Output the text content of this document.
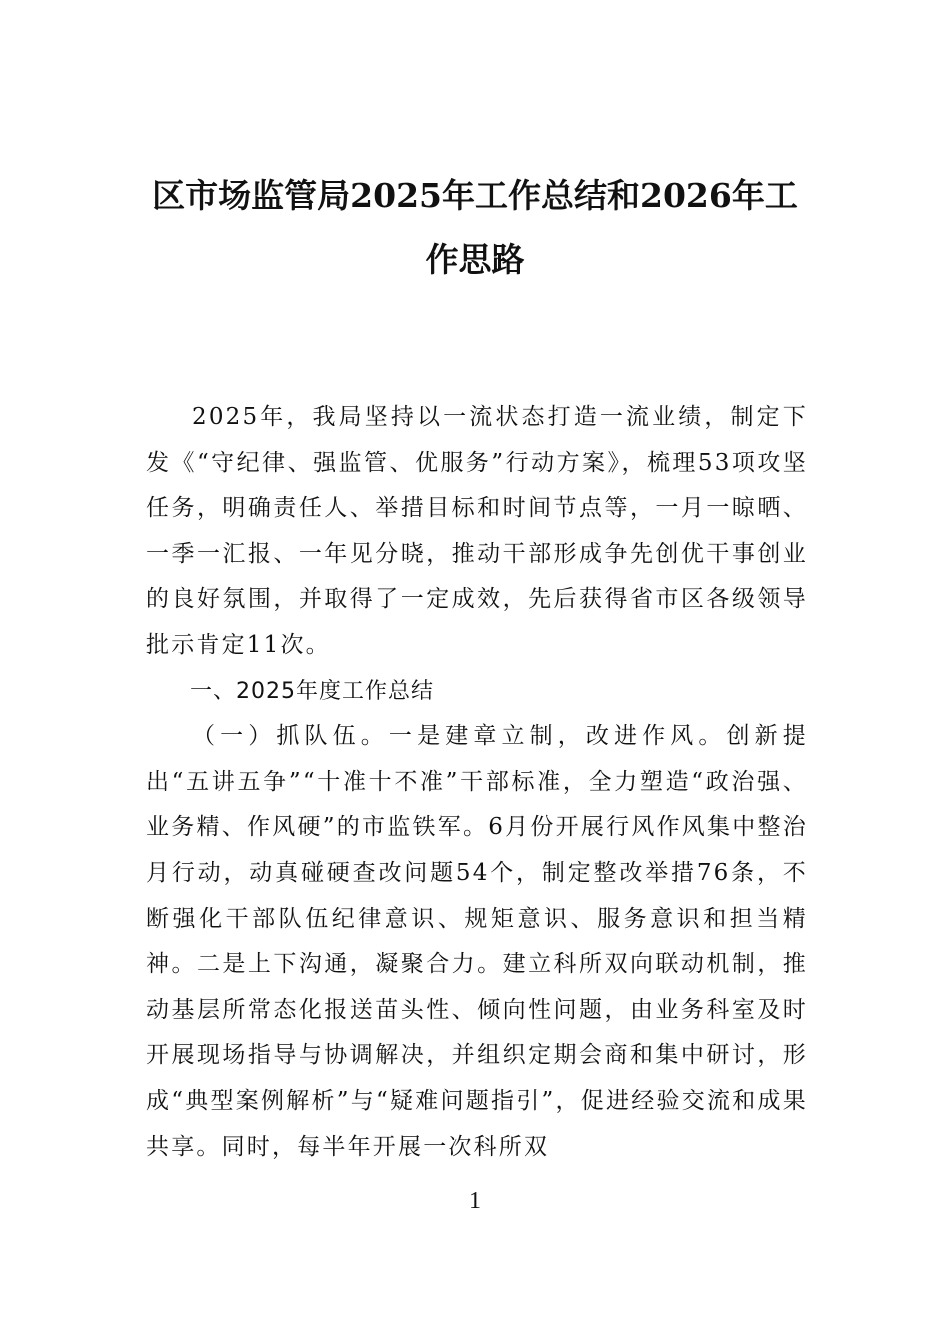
区市场监管局2025年工作总结和2026年工
作思路

2025年，我局坚持以一流状态打造一流业绩，制定下发《“守纪律、强监管、优服务”行动方案》，梳理53项攻坚任务，明确责任人、举措目标和时间节点等，一月一晾晒、一季一汇报、一年见分晓，推动干部形成争先创优干事创业的良好氛围，并取得了一定成效，先后获得省市区各级领导批示肯定11次。

一、2025年度工作总结

（一）抓队伍。一是建章立制，改进作风。创新提出“五讲五争”“十准十不准”干部标准，全力塑造“政治强、业务精、作风硬”的市监铁军。6月份开展行风作风集中整治月行动，动真碰硬查改问题54个，制定整改举措76条，不断强化干部队伍纪律意识、规矩意识、服务意识和担当精神。二是上下沟通，凝聚合力。建立科所双向联动机制，推动基层所常态化报送苗头性、倾向性问题，由业务科室及时开展现场指导与协调解决，并组织定期会商和集中研讨，形成“典型案例解析”与“疑难问题指引”，促进经验交流和成果共享。同时，每半年开展一次科所双

1
